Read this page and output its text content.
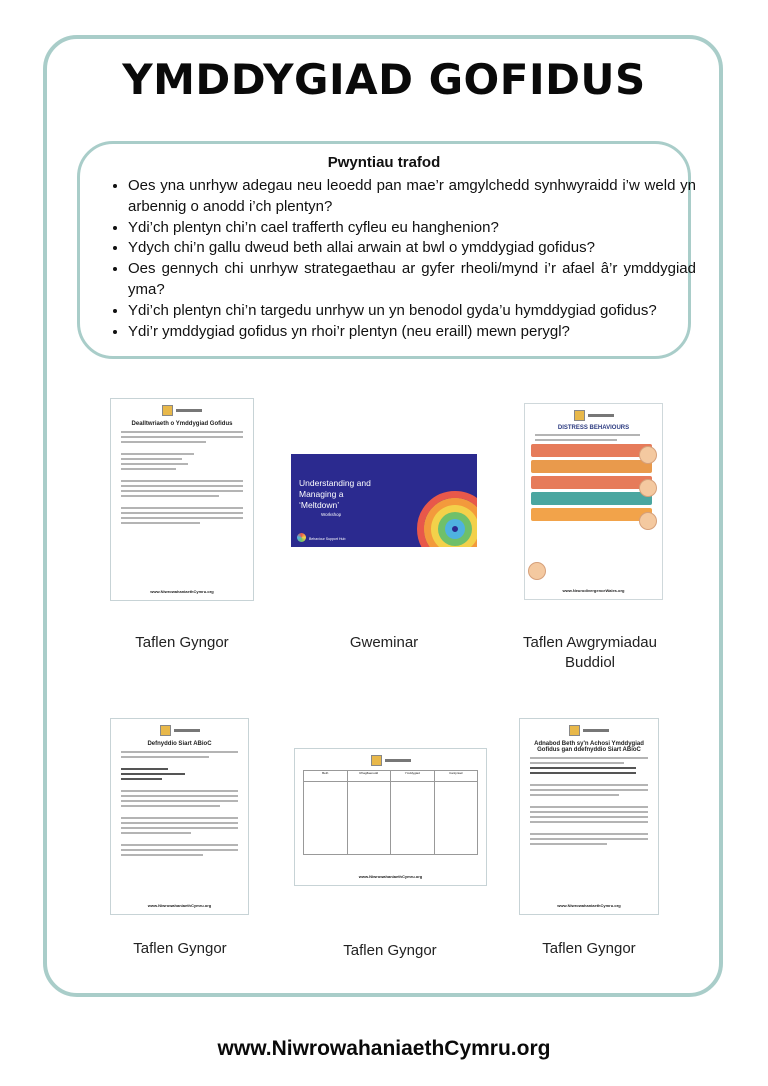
YMDDYGIAD GOFIDUS
Pwyntiau trafod
• Oes yna unrhyw adegau neu leoedd pan mae’r amgylchedd synhwyraidd i’w weld yn arbennig o anodd i’ch plentyn?
• Ydi’ch plentyn chi’n cael trafferth cyfleu eu hanghenion?
• Ydych chi’n gallu dweud beth allai arwain at bwl o ymddygiad gofidus?
• Oes gennych chi unrhyw strategaethau ar gyfer rheoli/mynd i’r afael â’r ymddygiad yma?
• Ydi’ch plentyn chi’n targedu unrhyw un yn benodol gyda’u hymddygiad gofidus?
• Ydi’r ymddygiad gofidus yn rhoi’r plentyn (neu eraill) mewn perygl?
Dealltwriaeth o Ymddygiad Gofidus
www.NiwrowahaniaethCymru.org
Taflen Gyngor
Understanding and Managing a ‘Meltdown’
Workshop
Behaviour Support Hub
Gweminar
DISTRESS BEHAVIOURS
www.NeurodivergenceWales.org
Taflen Awgrymiadau Buddiol
Defnyddio Siart ABioC
www.NiwrowahaniaethCymru.org
Taflen Gyngor
Beth	Rhagflaenodd	Ymddygiad	Canlyniad
www.NiwrowahaniaethCymru.org
Taflen Gyngor
Adnabod Beth sy'n Achosi Ymddygiad Gofidus gan ddefnyddio Siart ABioC
www.NiwrowahaniaethCymru.org
Taflen Gyngor
www.NiwrowahaniaethCymru.org
